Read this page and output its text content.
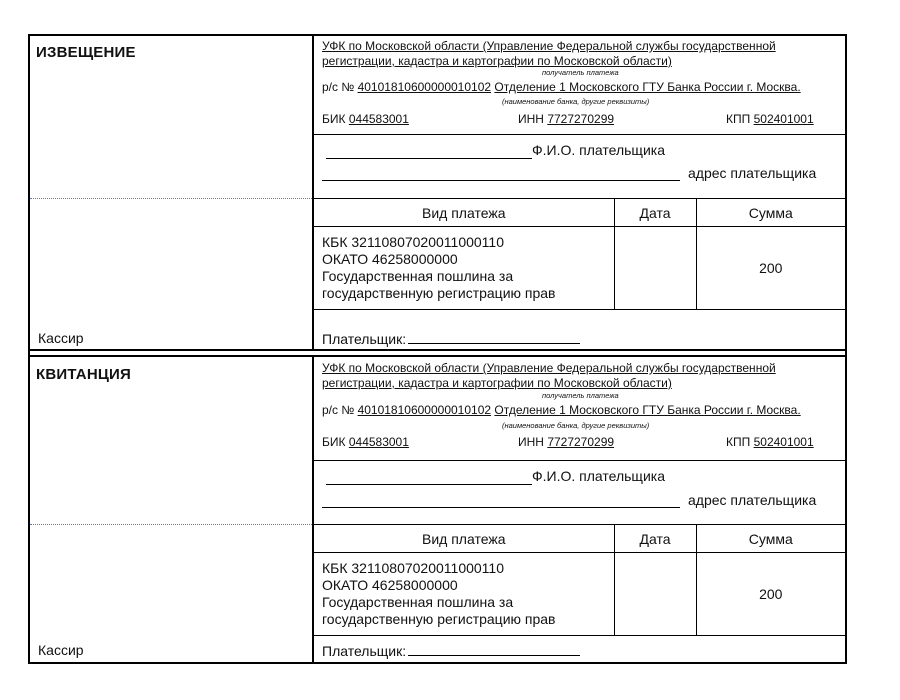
ИЗВЕЩЕНИЕ
Кассир
УФК по Московской области (Управление Федеральной службы государственной
регистрации, кадастра и картографии по Московской области)
получатель платежа
р/с № 40101810600000010102 Отделение 1 Московского ГТУ Банка России г. Москва.
(наименование банка, другие реквизиты)
БИК 044583001	ИНН 7727270299	КПП 502401001
Ф.И.О. плательщика
адрес плательщика
Вид платежа	Дата	Сумма

КБК 32110807020011000110
ОКАТО 46258000000
Государственная пошлина за
государственную регистрацию прав		200
Плательщик:
КВИТАНЦИЯ
Кассир
УФК по Московской области (Управление Федеральной службы государственной
регистрации, кадастра и картографии по Московской области)
получатель платежа
р/с № 40101810600000010102 Отделение 1 Московского ГТУ Банка России г. Москва.
(наименование банка, другие реквизиты)
БИК 044583001	ИНН 7727270299	КПП 502401001
Ф.И.О. плательщика
адрес плательщика
Вид платежа	Дата	Сумма

КБК 32110807020011000110
ОКАТО 46258000000
Государственная пошлина за
государственную регистрацию прав		200
Плательщик:
